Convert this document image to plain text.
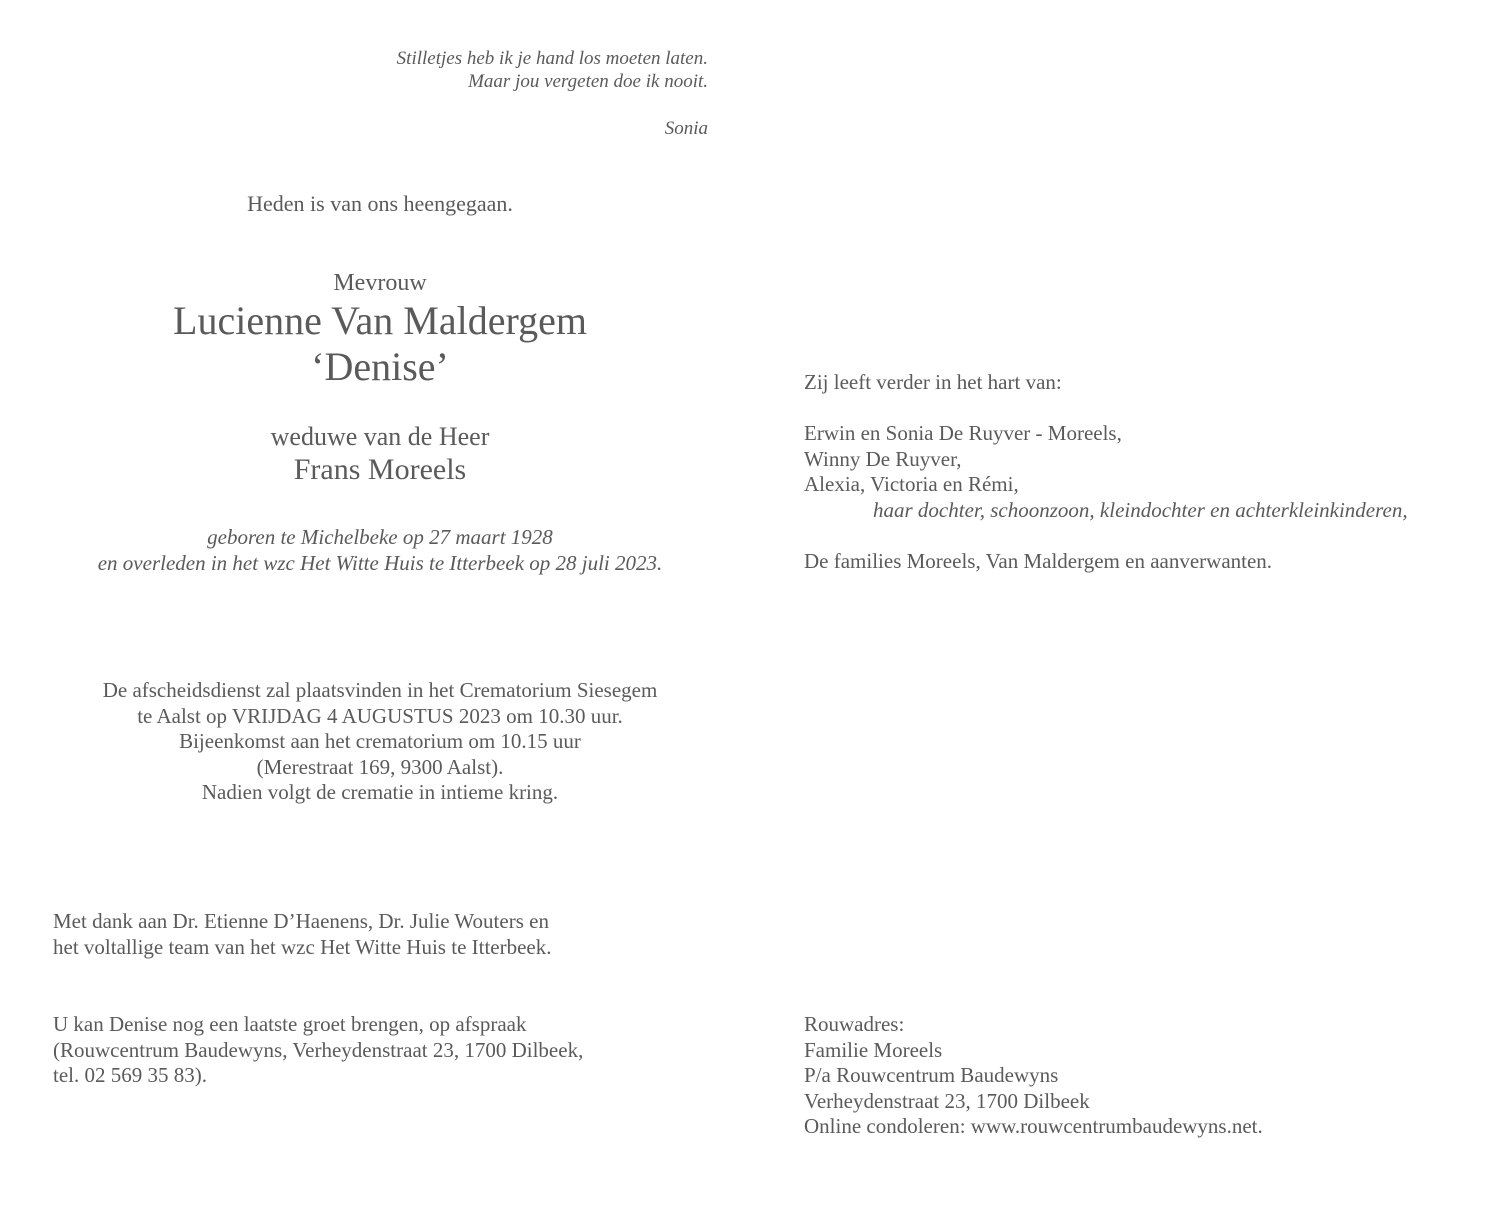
Stilletjes heb ik je hand los moeten laten.
Maar jou vergeten doe ik nooit.
Sonia
Heden is van ons heengegaan.
Mevrouw
Lucienne Van Maldergem
‘Denise’
weduwe van de Heer
Frans Moreels
geboren te Michelbeke op 27 maart 1928
en overleden in het wzc Het Witte Huis te Itterbeek op 28 juli 2023.
De afscheidsdienst zal plaatsvinden in het Crematorium Siesegem
te Aalst op VRIJDAG 4 AUGUSTUS 2023 om 10.30 uur.
Bijeenkomst aan het crematorium om 10.15 uur
(Merestraat 169, 9300 Aalst).
Nadien volgt de crematie in intieme kring.
Met dank aan Dr. Etienne D’Haenens, Dr. Julie Wouters en
het voltallige team van het wzc Het Witte Huis te Itterbeek.
U kan Denise nog een laatste groet brengen, op afspraak
(Rouwcentrum Baudewyns, Verheydenstraat 23, 1700 Dilbeek,
tel. 02 569 35 83).
Zij leeft verder in het hart van:
Erwin en Sonia De Ruyver - Moreels,
Winny De Ruyver,
Alexia, Victoria en Rémi,
haar dochter, schoonzoon, kleindochter en achterkleinkinderen,
De families Moreels, Van Maldergem en aanverwanten.
Rouwadres:
Familie Moreels
P/a Rouwcentrum Baudewyns
Verheydenstraat 23, 1700 Dilbeek
Online condoleren: www.rouwcentrumbaudewyns.net.
